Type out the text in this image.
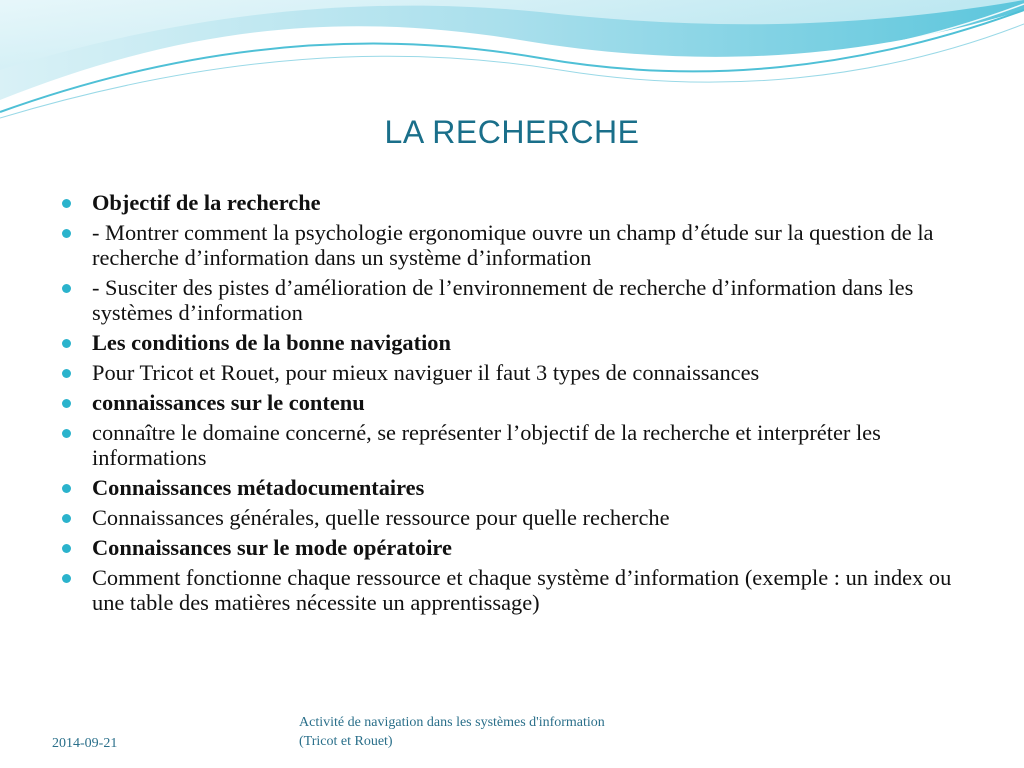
LA RECHERCHE
Objectif de la recherche
- Montrer comment la psychologie ergonomique ouvre un champ d’étude sur la question de la recherche d’information dans un système d’information
- Susciter des pistes d’amélioration de l’environnement de recherche d’information dans les systèmes d’information
Les conditions de la bonne navigation
Pour Tricot et Rouet, pour mieux naviguer il faut 3 types de connaissances
connaissances sur le contenu
connaître le domaine concerné, se représenter l’objectif de la recherche et interpréter les informations
Connaissances métadocumentaires
Connaissances générales, quelle ressource pour quelle recherche
Connaissances sur le mode opératoire
Comment fonctionne chaque ressource et chaque système d’information (exemple : un index ou une table des matières nécessite un apprentissage)
2014-09-21
Activité de navigation dans les systèmes d'information (Tricot et Rouet)
